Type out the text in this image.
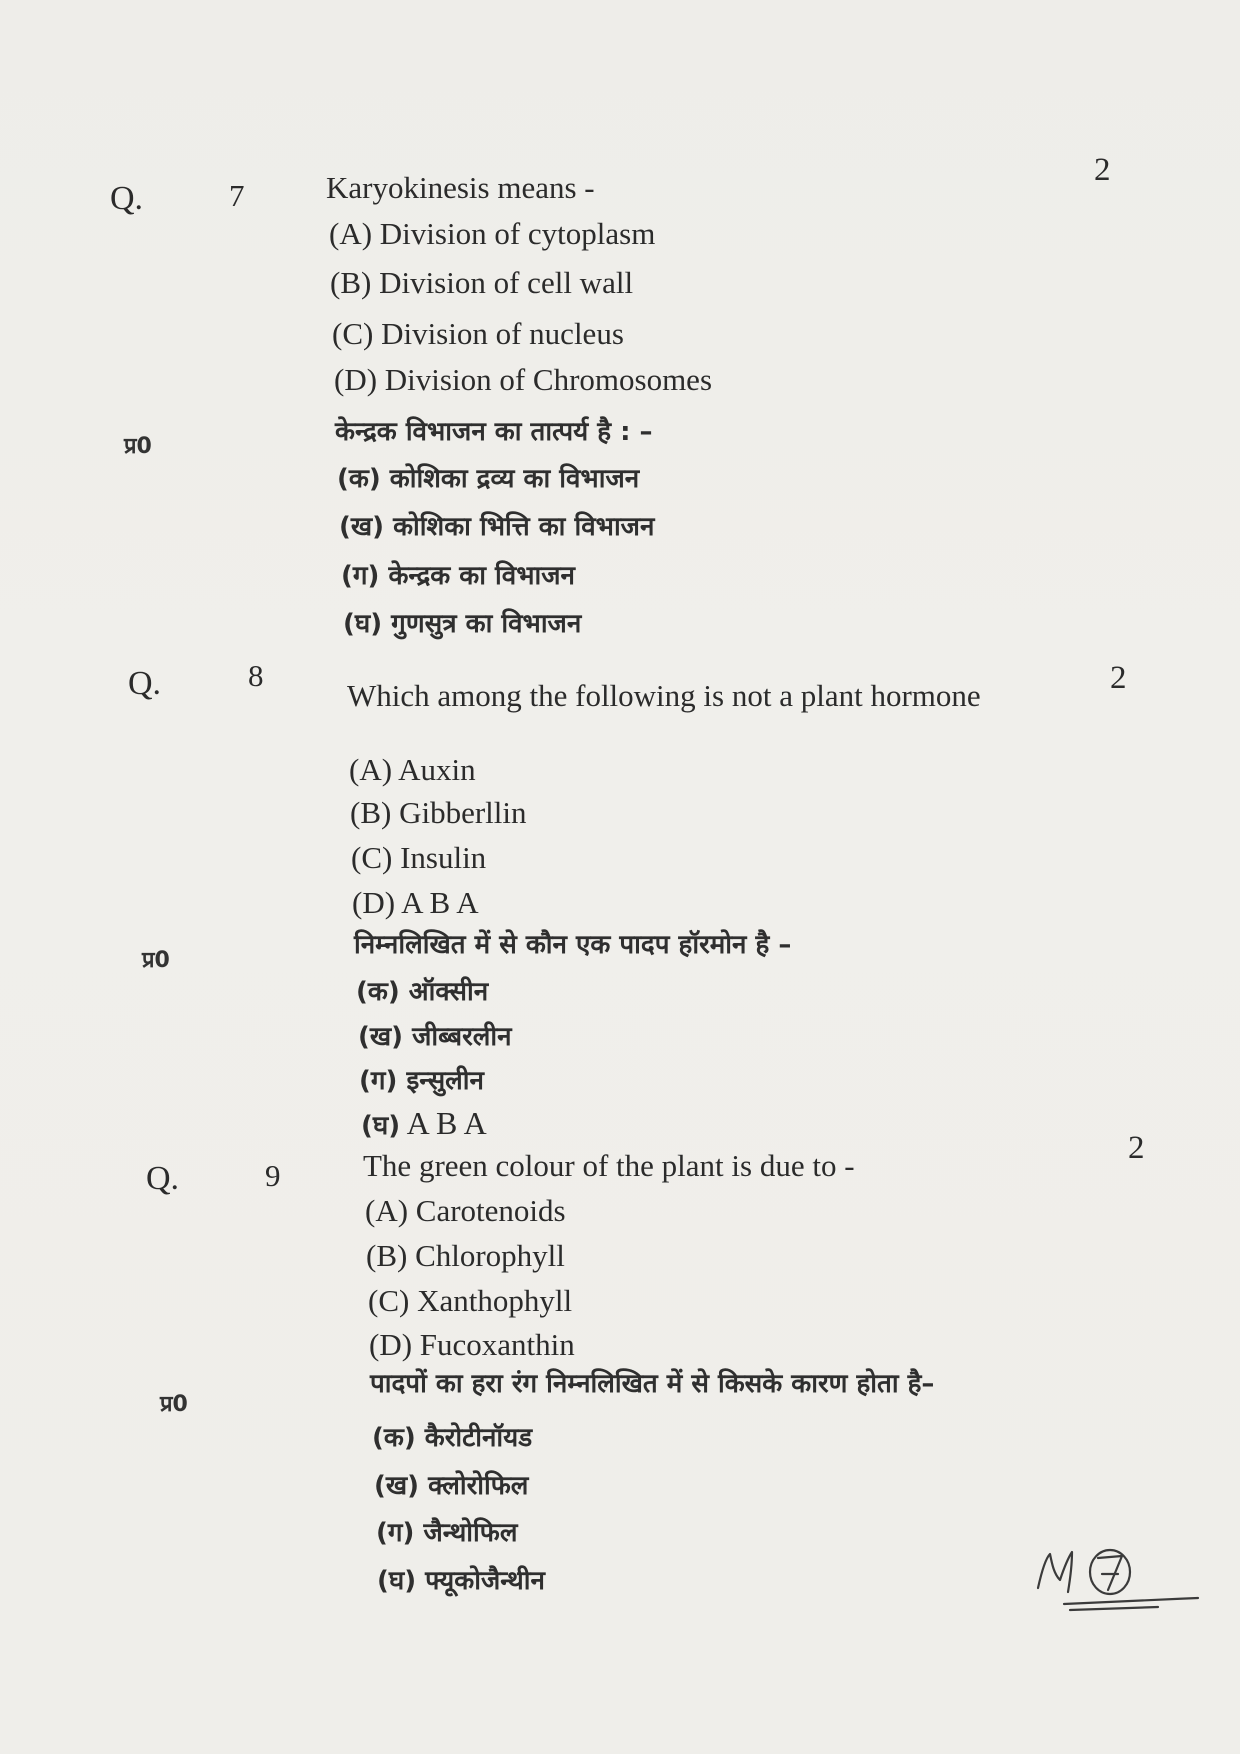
Q.	7
2
Karyokinesis means -
(A) Division of cytoplasm
(B) Division of cell wall
(C) Division of nucleus
(D) Division of Chromosomes
प्र0	केन्द्रक विभाजन का तात्पर्य है : –
(क) कोशिका द्रव्य का विभाजन
(ख) कोशिका भित्ति का विभाजन
(ग) केन्द्रक का विभाजन
(घ) गुणसुत्र का विभाजन
Q.	8	2
Which among the following is not a plant hormone
(A) Auxin
(B) Gibberllin
(C) Insulin
(D) A B A
प्र0
निम्नलिखित में से कौन एक पादप हॉरमोन है –
(क) ऑक्सीन
(ख) जीब्बरलीन
(ग) इन्सुलीन
(घ) A B A
Q.	9
2
The green colour of the plant is due to -
(A) Carotenoids
(B) Chlorophyll
(C) Xanthophyll
(D) Fucoxanthin
प्र0
पादपों का हरा रंग निम्नलिखित में से किसके कारण होता है–
(क) कैरोटीनॉयड
(ख) क्लोरोफिल
(ग) जैन्थोफिल
(घ) फ्यूकोजैन्थीन
